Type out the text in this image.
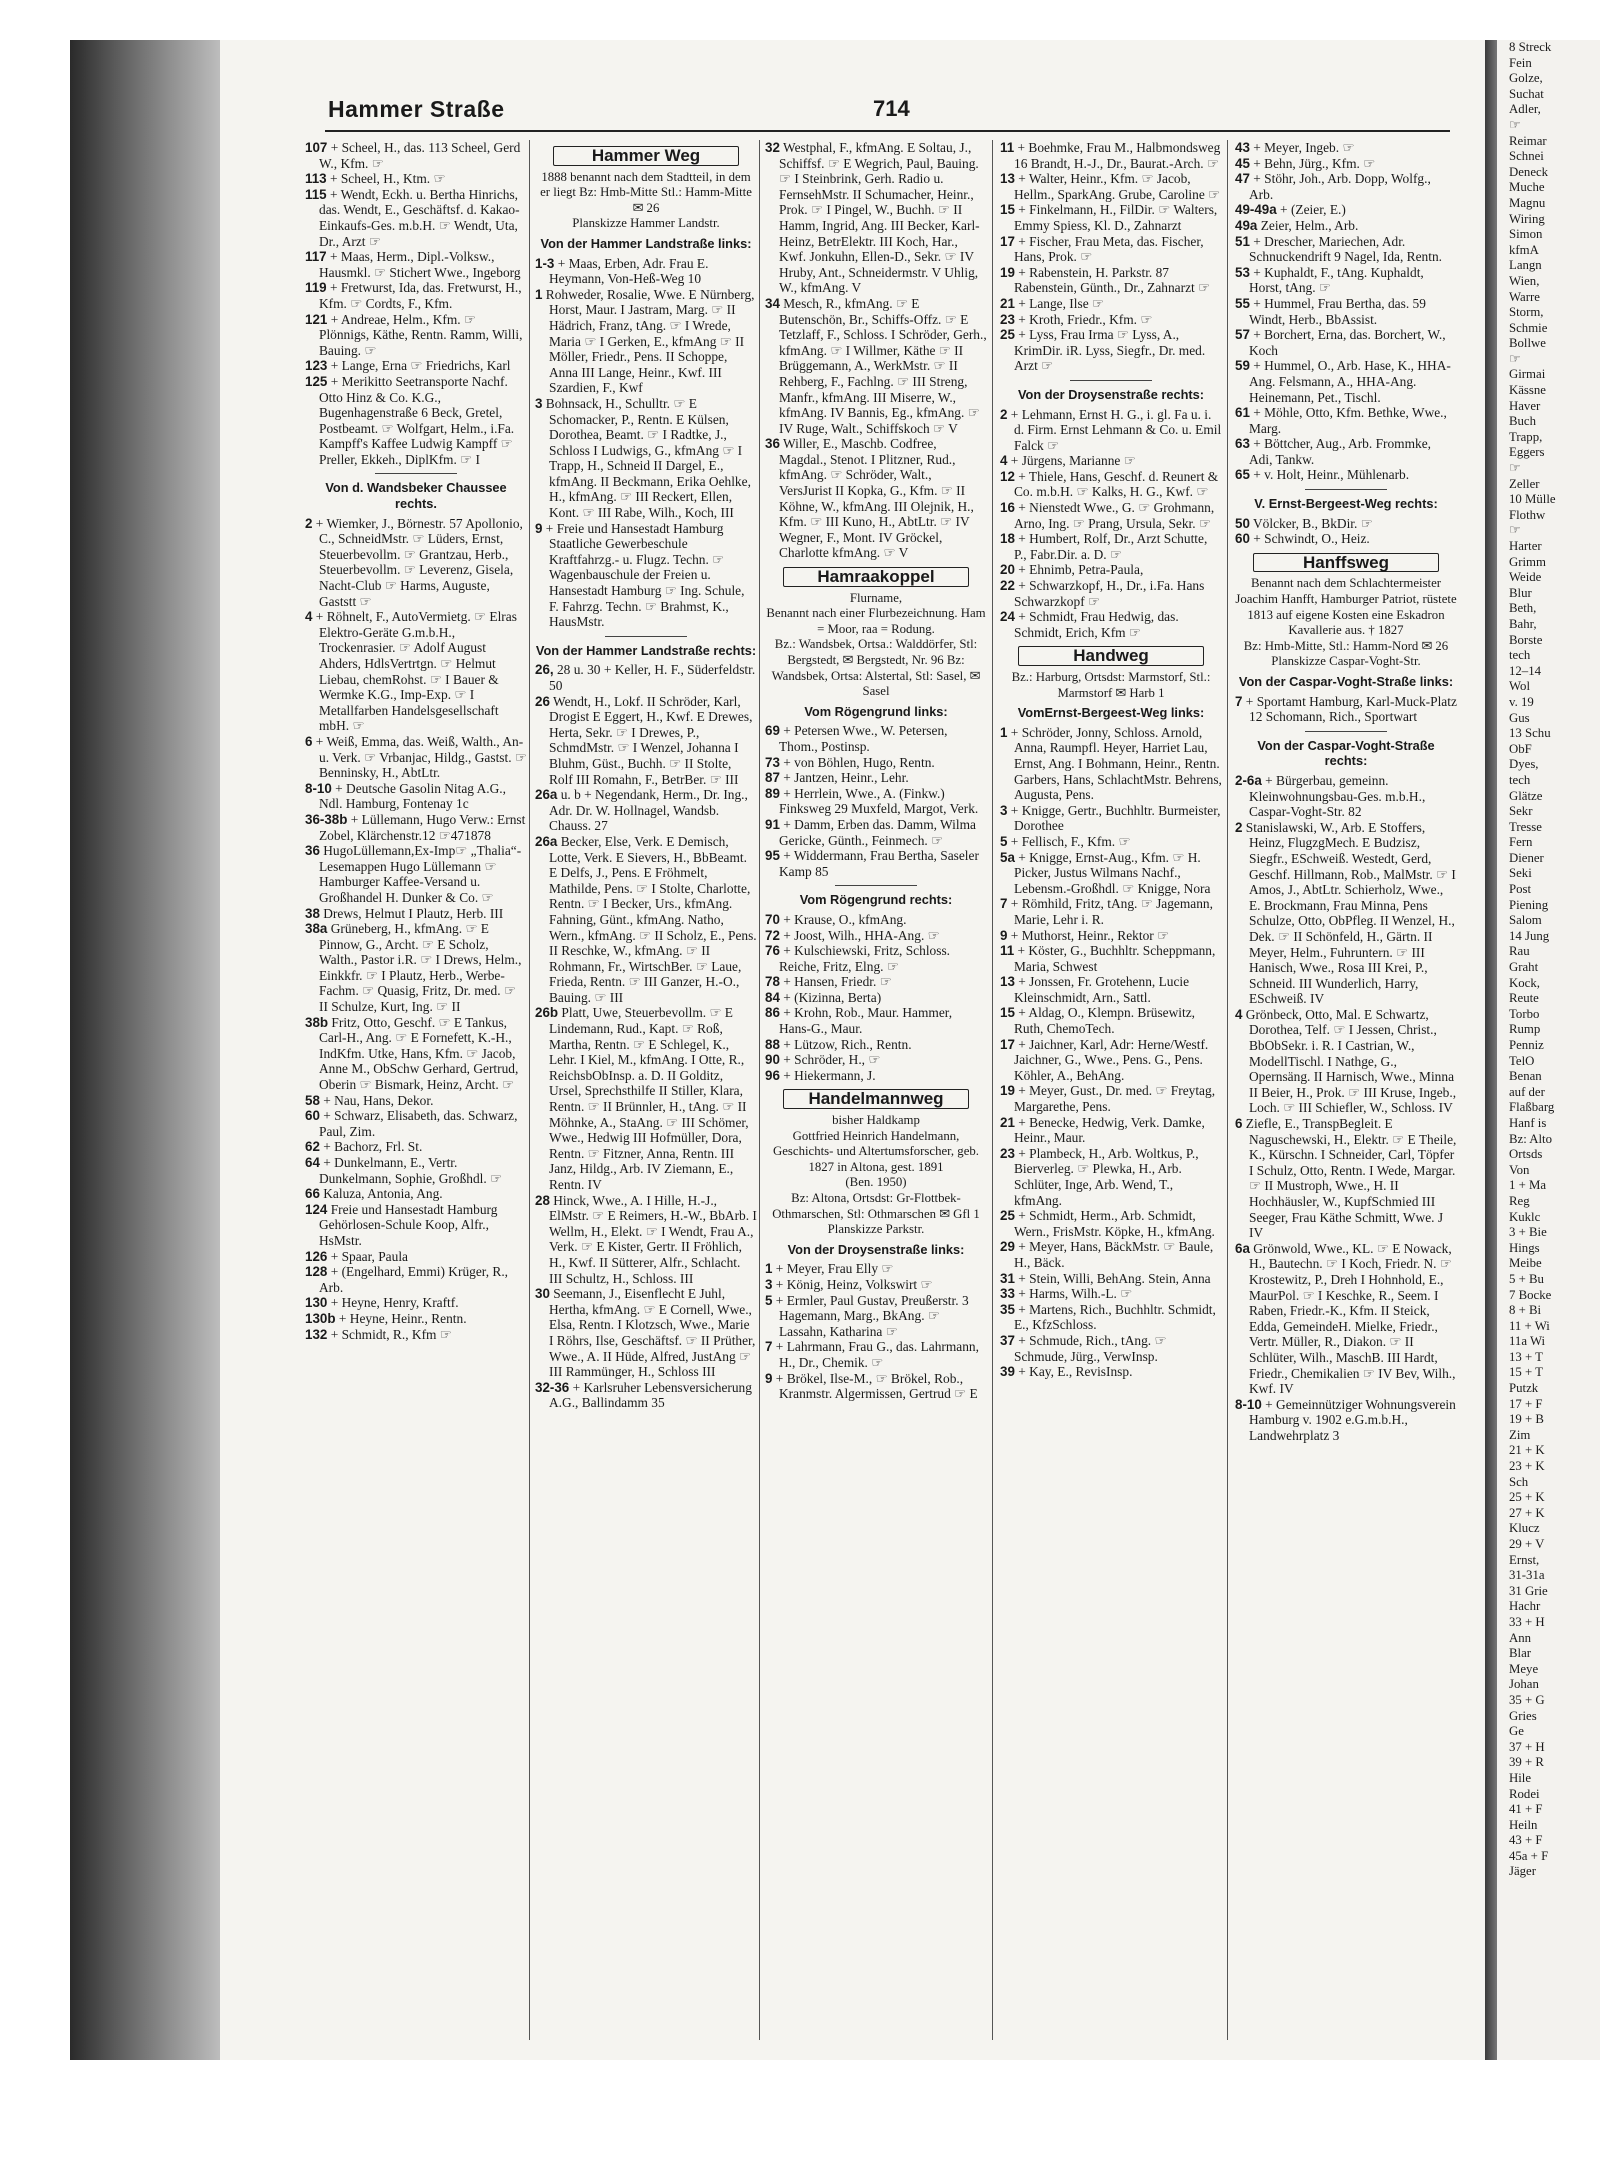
Hammer Straße	714

107 + Scheel, H., das. 113 Scheel, Gerd W., Kfm. ☞

113 + Scheel, H., Ktm. ☞

115 + Wendt, Eckh. u. Bertha Hinrichs, das. Wendt, E., Geschäftsf. d. Kakao-Einkaufs-Ges. m.b.H. ☞ Wendt, Uta, Dr., Arzt ☞

117 + Maas, Herm., Dipl.-Volksw., Hausmkl. ☞ Stichert Wwe., Ingeborg

119 + Fretwurst, Ida, das. Fretwurst, H., Kfm. ☞ Cordts, F., Kfm.

121 + Andreae, Helm., Kfm. ☞ Plönnigs, Käthe, Rentn. Ramm, Willi, Bauing. ☞

123 + Lange, Erna ☞ Friedrichs, Karl

125 + Merikitto Seetransporte Nachf. Otto Hinz & Co. K.G., Bugenhagenstraße 6 Beck, Gretel, Postbeamt. ☞ Wolfgart, Helm., i.Fa. Kampff's Kaffee Ludwig Kampff ☞ Preller, Ekkeh., DiplKfm. ☞ I

Von d. Wandsbeker Chaussee rechts.

2 + Wiemker, J., Börnestr. 57 Apollonio, C., SchneidMstr. ☞ Lüders, Ernst, Steuerbevollm. ☞ Grantzau, Herb., Steuerbevollm. ☞ Leverenz, Gisela, Nacht-Club ☞ Harms, Auguste, Gaststt ☞

4 + Röhnelt, F., AutoVermietg. ☞ Elras Elektro-Geräte G.m.b.H., Trockenrasier. ☞ Adolf August Ahders, HdlsVertrtgn. ☞ Helmut Liebau, chemRohst. ☞ I Bauer & Wermke K.G., Imp-Exp. ☞ I Metallfarben Handelsgesellschaft mbH. ☞

6 + Weiß, Emma, das. Weiß, Walth., An- u. Verk. ☞ Vrbanjac, Hildg., Gastst. ☞ Benninsky, H., AbtLtr.

8-10 + Deutsche Gasolin Nitag A.G., Ndl. Hamburg, Fontenay 1c

36-38b + Lüllemann, Hugo Verw.: Ernst Zobel, Klärchenstr.12 ☞471878

36 HugoLüllemann,Ex-Imp☞ „Thalia“-Lesemappen Hugo Lüllemann ☞ Hamburger Kaffee-Versand u. Großhandel H. Dunker & Co. ☞

38 Drews, Helmut I Plautz, Herb. III

38a Grüneberg, H., kfmAng. ☞ E Pinnow, G., Archt. ☞ E Scholz, Walth., Pastor i.R. ☞ I Drews, Helm., Einkkfr. ☞ I Plautz, Herb., Werbe-Fachm. ☞ Quasig, Fritz, Dr. med. ☞ II Schulze, Kurt, Ing. ☞ II

38b Fritz, Otto, Geschf. ☞ E Tankus, Carl-H., Ang. ☞ E Fornefett, K.-H., IndKfm. Utke, Hans, Kfm. ☞ Jacob, Anne M., ObSchw Gerhard, Gertrud, Oberin ☞ Bismark, Heinz, Archt. ☞

58 + Nau, Hans, Dekor.

60 + Schwarz, Elisabeth, das. Schwarz, Paul, Zim.

62 + Bachorz, Frl. St.

64 + Dunkelmann, E., Vertr. Dunkelmann, Sophie, Großhdl. ☞

66 Kaluza, Antonia, Ang.

124 Freie und Hansestadt Hamburg Gehörlosen-Schule Koop, Alfr., HsMstr.

126 + Spaar, Paula

128 + (Engelhard, Emmi) Krüger, R., Arb.

130 + Heyne, Henry, Kraftf.

130b + Heyne, Heinr., Rentn.

132 + Schmidt, R., Kfm ☞

Hammer Weg
1888 benannt nach dem Stadtteil, in dem er liegt Bz: Hmb-Mitte Stl.: Hamm-Mitte ✉ 26
Planskizze Hammer Landstr.
Von der Hammer Landstraße links:

1-3 + Maas, Erben, Adr. Frau E. Heymann, Von-Heß-Weg 10

1 Rohweder, Rosalie, Wwe. E Nürnberg, Horst, Maur. I Jastram, Marg. ☞ II Hädrich, Franz, tAng. ☞ I Wrede, Maria ☞ I Gerken, E., kfmAng ☞ II Möller, Friedr., Pens. II Schoppe, Anna III Lange, Heinr., Kwf. III Szardien, F., Kwf

3 Bohnsack, H., Schulltr. ☞ E Schomacker, P., Rentn. E Külsen, Dorothea, Beamt. ☞ I Radtke, J., Schloss I Ludwigs, G., kfmAng ☞ I Trapp, H., Schneid II Dargel, E., kfmAng. II Beckmann, Erika Oehlke, H., kfmAng. ☞ III Reckert, Ellen, Kont. ☞ III Rabe, Wilh., Koch, III

9 + Freie und Hansestadt Hamburg Staatliche Gewerbeschule Kraftfahrzg.- u. Flugz. Techn. ☞ Wagenbauschule der Freien u. Hansestadt Hamburg ☞ Ing. Schule, F. Fahrzg. Techn. ☞ Brahmst, K., HausMstr.

Von der Hammer Landstraße rechts:

26, 28 u. 30 + Keller, H. F., Süderfeldstr. 50

26 Wendt, H., Lokf. II Schröder, Karl, Drogist E Eggert, H., Kwf. E Drewes, Herta, Sekr. ☞ I Drewes, P., SchmdMstr. ☞ I Wenzel, Johanna I Bluhm, Güst., Buchh. ☞ II Stolte, Rolf III Romahn, F., BetrBer. ☞ III

26a u. b + Negendank, Herm., Dr. Ing., Adr. Dr. W. Hollnagel, Wandsb. Chauss. 27

26a Becker, Else, Verk. E Demisch, Lotte, Verk. E Sievers, H., BbBeamt. E Delfs, J., Pens. E Fröhmelt, Mathilde, Pens. ☞ I Stolte, Charlotte, Rentn. ☞ I Becker, Urs., kfmAng. Fahning, Günt., kfmAng. Natho, Wern., kfmAng. ☞ II Scholz, E., Pens. II Reschke, W., kfmAng. ☞ II Rohmann, Fr., WirtschBer. ☞ Laue, Frieda, Rentn. ☞ III Ganzer, H.-O., Bauing. ☞ III

26b Platt, Uwe, Steuerbevollm. ☞ E Lindemann, Rud., Kapt. ☞ Roß, Martha, Rentn. ☞ E Schlegel, K., Lehr. I Kiel, M., kfmAng. I Otte, R., ReichsbObInsp. a. D. II Golditz, Ursel, Sprechsthilfe II Stiller, Klara, Rentn. ☞ II Brünnler, H., tAng. ☞ II Möhnke, A., StaAng. ☞ III Schömer, Wwe., Hedwig III Hofmüller, Dora, Rentn. ☞ Fitzner, Anna, Rentn. III Janz, Hildg., Arb. IV Ziemann, E., Rentn. IV

28 Hinck, Wwe., A. I Hille, H.-J., ElMstr. ☞ E Reimers, H.-W., BbArb. I Wellm, H., Elekt. ☞ I Wendt, Frau A., Verk. ☞ E Kister, Gertr. II Fröhlich, H., Kwf. II Sütterer, Alfr., Schlacht. III Schultz, H., Schloss. III

30 Seemann, J., Eisenflecht E Juhl, Hertha, kfmAng. ☞ E Cornell, Wwe., Elsa, Rentn. I Klotzsch, Wwe., Marie I Röhrs, Ilse, Geschäftsf. ☞ II Prüther, Wwe., A. II Hüde, Alfred, JustAng ☞ III Rammünger, H., Schloss III

32-36 + Karlsruher Lebensversicherung A.G., Ballindamm 35

32 Westphal, F., kfmAng. E Soltau, J., Schiffsf. ☞ E Wegrich, Paul, Bauing. ☞ I Steinbrink, Gerh. Radio u. FernsehMstr. II Schumacher, Heinr., Prok. ☞ I Pingel, W., Buchh. ☞ II Hamm, Ingrid, Ang. III Becker, Karl-Heinz, BetrElektr. III Koch, Har., Kwf. Jonkuhn, Ellen-D., Sekr. ☞ IV Hruby, Ant., Schneidermstr. V Uhlig, W., kfmAng. V

34 Mesch, R., kfmAng. ☞ E Butenschön, Br., Schiffs-Offz. ☞ E Tetzlaff, F., Schloss. I Schröder, Gerh., kfmAng. ☞ I Willmer, Käthe ☞ II Brüggemann, A., WerkMstr. ☞ II Rehberg, F., Fachlng. ☞ III Streng, Manfr., kfmAng. III Miserre, W., kfmAng. IV Bannis, Eg., kfmAng. ☞ IV Ruge, Walt., Schiffskoch ☞ V

36 Willer, E., Maschb. Codfree, Magdal., Stenot. I Plitzner, Rud., kfmAng. ☞ Schröder, Walt., VersJurist II Kopka, G., Kfm. ☞ II Köhne, W., kfmAng. III Olejnik, H., Kfm. ☞ III Kuno, H., AbtLtr. ☞ IV Wegner, F., Mont. IV Gröckel, Charlotte kfmAng. ☞ V

Hamraakoppel
Flurname,
Benannt nach einer Flurbezeichnung. Ham = Moor, raa = Rodung.
Bz.: Wandsbek, Ortsa.: Walddörfer, Stl: Bergstedt, ✉ Bergstedt, Nr. 96 Bz: Wandsbek, Ortsa: Alstertal, Stl: Sasel, ✉ Sasel
Vom Rögengrund links:

69 + Petersen Wwe., W. Petersen, Thom., Postinsp.

73 + von Böhlen, Hugo, Rentn.

87 + Jantzen, Heinr., Lehr.

89 + Herrlein, Wwe., A. (Finkw.) Finksweg 29 Muxfeld, Margot, Verk.

91 + Damm, Erben das. Damm, Wilma Gericke, Günth., Feinmech. ☞

95 + Widdermann, Frau Bertha, Saseler Kamp 85

Vom Rögengrund rechts:

70 + Krause, O., kfmAng.

72 + Joost, Wilh., HHA-Ang. ☞

76 + Kulschiewski, Fritz, Schloss. Reiche, Fritz, Elng. ☞

78 + Hansen, Friedr. ☞

84 + (Kizinna, Berta)

86 + Krohn, Rob., Maur. Hammer, Hans-G., Maur.

88 + Lützow, Rich., Rentn.

90 + Schröder, H., ☞

96 + Hiekermann, J.

Handelmannweg
bisher Haldkamp
Gottfried Heinrich Handelmann, Geschichts- und Altertumsforscher, geb. 1827 in Altona, gest. 1891
(Ben. 1950)
Bz: Altona, Ortsdst: Gr-Flottbek-Othmarschen, Stl: Othmarschen ✉ Gfl 1
Planskizze Parkstr.
Von der Droysenstraße links:

1 + Meyer, Frau Elly ☞

3 + König, Heinz, Volkswirt ☞

5 + Ermler, Paul Gustav, Preußerstr. 3 Hagemann, Marg., BkAng. ☞ Lassahn, Katharina ☞

7 + Lahrmann, Frau G., das. Lahrmann, H., Dr., Chemik. ☞

9 + Brökel, Ilse-M., ☞ Brökel, Rob., Kranmstr. Algermissen, Gertrud ☞ E

11 + Boehmke, Frau M., Halbmondsweg 16 Brandt, H.-J., Dr., Baurat.-Arch. ☞

13 + Walter, Heinr., Kfm. ☞ Jacob, Hellm., SparkAng. Grube, Caroline ☞

15 + Finkelmann, H., FilDir. ☞ Walters, Emmy Spiess, Kl. D., Zahnarzt

17 + Fischer, Frau Meta, das. Fischer, Hans, Prok. ☞

19 + Rabenstein, H. Parkstr. 87 Rabenstein, Günth., Dr., Zahnarzt ☞

21 + Lange, Ilse ☞

23 + Kroth, Friedr., Kfm. ☞

25 + Lyss, Frau Irma ☞ Lyss, A., KrimDir. iR. Lyss, Siegfr., Dr. med. Arzt ☞

Von der Droysenstraße rechts:

2 + Lehmann, Ernst H. G., i. gl. Fa u. i. d. Firm. Ernst Lehmann & Co. u. Emil Falck ☞

4 + Jürgens, Marianne ☞

12 + Thiele, Hans, Geschf. d. Reunert & Co. m.b.H. ☞ Kalks, H. G., Kwf. ☞

16 + Nienstedt Wwe., G. ☞ Grohmann, Arno, Ing. ☞ Prang, Ursula, Sekr. ☞

18 + Humbert, Rolf, Dr., Arzt Schutte, P., Fabr.Dir. a. D. ☞

20 + Ehnimb, Petra-Paula,

22 + Schwarzkopf, H., Dr., i.Fa. Hans Schwarzkopf ☞

24 + Schmidt, Frau Hedwig, das. Schmidt, Erich, Kfm ☞

Handweg
Bz.: Harburg, Ortsdst: Marmstorf, Stl.: Marmstorf ✉ Harb 1
VomErnst-Bergeest-Weg links:

1 + Schröder, Jonny, Schloss. Arnold, Anna, Raumpfl. Heyer, Harriet Lau, Ernst, Ang. I Bohmann, Heinr., Rentn. Garbers, Hans, SchlachtMstr. Behrens, Augusta, Pens.

3 + Knigge, Gertr., Buchhltr. Burmeister, Dorothee

5 + Fellisch, F., Kfm. ☞

5a + Knigge, Ernst-Aug., Kfm. ☞ H. Picker, Justus Wilmans Nachf., Lebensm.-Großhdl. ☞ Knigge, Nora

7 + Römhild, Fritz, tAng. ☞ Jagemann, Marie, Lehr i. R.

9 + Muthorst, Heinr., Rektor ☞

11 + Köster, G., Buchhltr. Scheppmann, Maria, Schwest

13 + Jonssen, Fr. Grotehenn, Lucie Kleinschmidt, Arn., Sattl.

15 + Aldag, O., Klempn. Brüsewitz, Ruth, ChemoTech.

17 + Jaichner, Karl, Adr: Herne/Westf. Jaichner, G., Wwe., Pens. G., Pens. Köhler, A., BehAng.

19 + Meyer, Gust., Dr. med. ☞ Freytag, Margarethe, Pens.

21 + Benecke, Hedwig, Verk. Damke, Heinr., Maur.

23 + Plambeck, H., Arb. Woltkus, P., Bierverleg. ☞ Plewka, H., Arb. Schlüter, Inge, Arb. Wend, T., kfmAng.

25 + Schmidt, Herm., Arb. Schmidt, Wern., FrisMstr. Köpke, H., kfmAng.

29 + Meyer, Hans, BäckMstr. ☞ Baule, H., Bäck.

31 + Stein, Willi, BehAng. Stein, Anna

33 + Harms, Wilh.-L. ☞

35 + Martens, Rich., Buchhltr. Schmidt, E., KfzSchloss.

37 + Schmude, Rich., tAng. ☞ Schmude, Jürg., VerwInsp.

39 + Kay, E., RevisInsp.

43 + Meyer, Ingeb. ☞

45 + Behn, Jürg., Kfm. ☞

47 + Stöhr, Joh., Arb. Dopp, Wolfg., Arb.

49-49a + (Zeier, E.)

49a Zeier, Helm., Arb.

51 + Drescher, Mariechen, Adr. Schnuckendrift 9 Nagel, Ida, Rentn.

53 + Kuphaldt, F., tAng. Kuphaldt, Horst, tAng. ☞

55 + Hummel, Frau Bertha, das. 59 Windt, Herb., BbAssist.

57 + Borchert, Erna, das. Borchert, W., Koch

59 + Hummel, O., Arb. Hase, K., HHA-Ang. Felsmann, A., HHA-Ang. Heinemann, Pet., Tischl.

61 + Möhle, Otto, Kfm. Bethke, Wwe., Marg.

63 + Böttcher, Aug., Arb. Frommke, Adi, Tankw.

65 + v. Holt, Heinr., Mühlenarb.

V. Ernst-Bergeest-Weg rechts:

50 Völcker, B., BkDir. ☞

60 + Schwindt, O., Heiz.

Hanffsweg
Benannt nach dem Schlachtermeister Joachim Hanfft, Hamburger Patriot, rüstete 1813 auf eigene Kosten eine Eskadron Kavallerie aus. † 1827
Bz: Hmb-Mitte, Stl.: Hamm-Nord ✉ 26
Planskizze Caspar-Voght-Str.
Von der Caspar-Voght-Straße links:

7 + Sportamt Hamburg, Karl-Muck-Platz 12 Schomann, Rich., Sportwart

Von der Caspar-Voght-Straße rechts:

2-6a + Bürgerbau, gemeinn. Kleinwohnungsbau-Ges. m.b.H., Caspar-Voght-Str. 82

2 Stanislawski, W., Arb. E Stoffers, Heinz, FlugzgMech. E Budzisz, Siegfr., ESchweiß. Westedt, Gerd, Geschf. Hillmann, Rob., MalMstr. ☞ I Amos, J., AbtLtr. Schierholz, Wwe., E. Brockmann, Frau Minna, Pens Schulze, Otto, ObPfleg. II Wenzel, H., Dek. ☞ II Schönfeld, H., Gärtn. II Meyer, Helm., Fuhruntern. ☞ III Hanisch, Wwe., Rosa III Krei, P., Schneid. III Wunderlich, Harry, ESchweiß. IV

4 Grönbeck, Otto, Mal. E Schwartz, Dorothea, Telf. ☞ I Jessen, Christ., BbObSekr. i. R. I Castrian, W., ModellTischl. I Nathge, G., Opernsäng. II Harnisch, Wwe., Minna II Beier, H., Prok. ☞ III Kruse, Ingeb., Loch. ☞ III Schiefler, W., Schloss. IV

6 Ziefle, E., TranspBegleit. E Naguschewski, H., Elektr. ☞ E Theile, K., Kürschn. I Schneider, Carl, Töpfer I Schulz, Otto, Rentn. I Wede, Margar. ☞ II Mustroph, Wwe., H. II Hochhäusler, W., KupfSchmied III Seeger, Frau Käthe Schmitt, Wwe. J IV

6a Grönwold, Wwe., KL. ☞ E Nowack, H., Bautechn. ☞ I Koch, Friedr. N. ☞ Krostewitz, P., Dreh I Hohnhold, E., MaurPol. ☞ I Keschke, R., Seem. I Raben, Friedr.-K., Kfm. II Steick, Edda, GemeindeH. Mielke, Friedr., Vertr. Müller, R., Diakon. ☞ II Schlüter, Wilh., MaschB. III Hardt, Friedr., Chemikalien ☞ IV Bev, Wilh., Kwf. IV

8-10 + Gemeinnütziger Wohnungsverein Hamburg v. 1902 e.G.m.b.H., Landwehrplatz 3

8 Streck

Fein

Golze,

Suchat

Adler,

☞

Reimar

Schnei

Deneck

Muche

Magnu

Wiring

Simon

kfmA

Langn

Wien,

Warre

Storm,

Schmie

Bollwe

☞

Girmai

Kässne

Haver

Buch

Trapp,

Eggers

☞

Zeller

10 Mülle

Flothw

☞

Harter

Grimm

Weide

Blur

Beth,

Bahr,

Borste

tech

12–14

Wol

v. 19

Gus

13 Schu

ObF

Dyes,

tech

Glätze

Sekr

Tresse

Fern

Diener

Seki

Post

Piening

Salom

14 Jung

Rau

Graht

Kock,

Reute

Torbo

Rump

Penniz

TelO

Benan

auf der

Flaßbarg

Hanf is

Bz: Alto

Ortsds

Von

1 + Ma

Reg

Kuklc

3 + Bie

Hings

Meibe

5 + Bu

7 Bocke

8 + Bi

11 + Wi

11a Wi

13 + T

15 + T

Putzk

17 + F

19 + B

Zim

21 + K

23 + K

Sch

25 + K

27 + K

Klucz

29 + V

Ernst,

31-31a

31 Grie

Hachr

33 + H

Ann

Blar

Meye

Johan

35 + G

Gries

Ge

37 + H

39 + R

Hile

Rodei

41 + F

Heiln

43 + F

45a + F

Jäger
